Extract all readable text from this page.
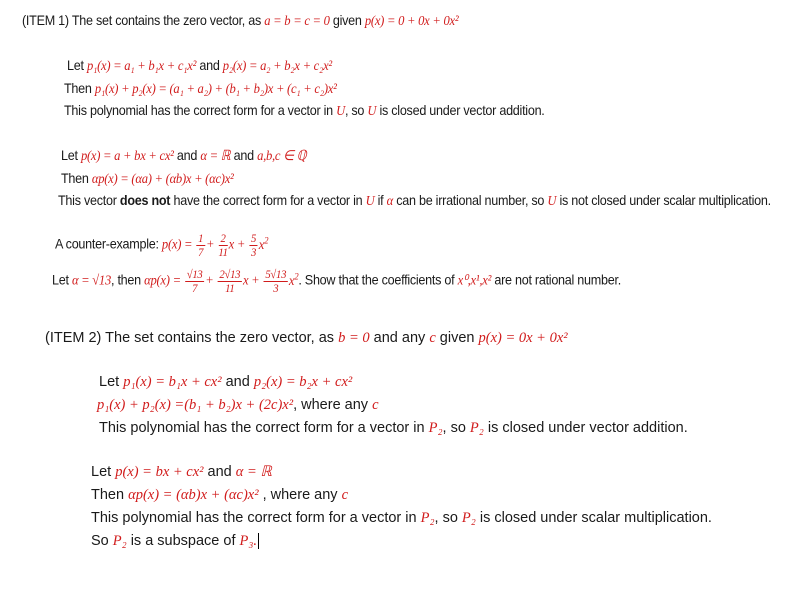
(ITEM 1) The set contains the zero vector, as a = b = c = 0 given p(x) = 0 + 0x + 0x²
Let p₁(x) = a₁ + b₁x + c₁x² and p₂(x) = a₂ + b₂x + c₂x²
Then p₁(x) + p₂(x) = (a₁ + a₂) + (b₁ + b₂)x + (c₁ + c₂)x²
This polynomial has the correct form for a vector in U, so U is closed under vector addition.
Let p(x) = a + bx + cx² and α = ℝ and a,b,c ∈ ℚ
Then αp(x) = (αa) + (αb)x + (αc)x²
This vector does not have the correct form for a vector in U if α can be irrational number, so U is not closed under scalar multiplication.
A counter-example: $p(x) = \frac{1}{7} + \frac{2}{11}$ $x + \frac{5}{3} x^2$
Let α = √13, then $\alpha p(x) = \frac{√13}{7} + \frac{2√13}{11}$ $x + \frac{5√13}{3} x^2$. Show that the coefficients of x⁰,x¹,x² are not rational number.
(ITEM 2) The set contains the zero vector, as b = 0 and any c given p(x) = 0x + 0x²
Let p₁(x) = b₁x + cx² and p₂(x) = b₂x + cx²
p₁(x) + p₂(x) =(b₁ + b₂)x + (2c)x², where any c
This polynomial has the correct form for a vector in P₂, so P₂ is closed under vector addition.
Let p(x) = bx + cx² and α = ℝ
Then αp(x) = (αb)x + (αc)x² , where any c
This polynomial has the correct form for a vector in P₂, so P₂ is closed under scalar multiplication.
So P₂ is a subspace of P₃.
